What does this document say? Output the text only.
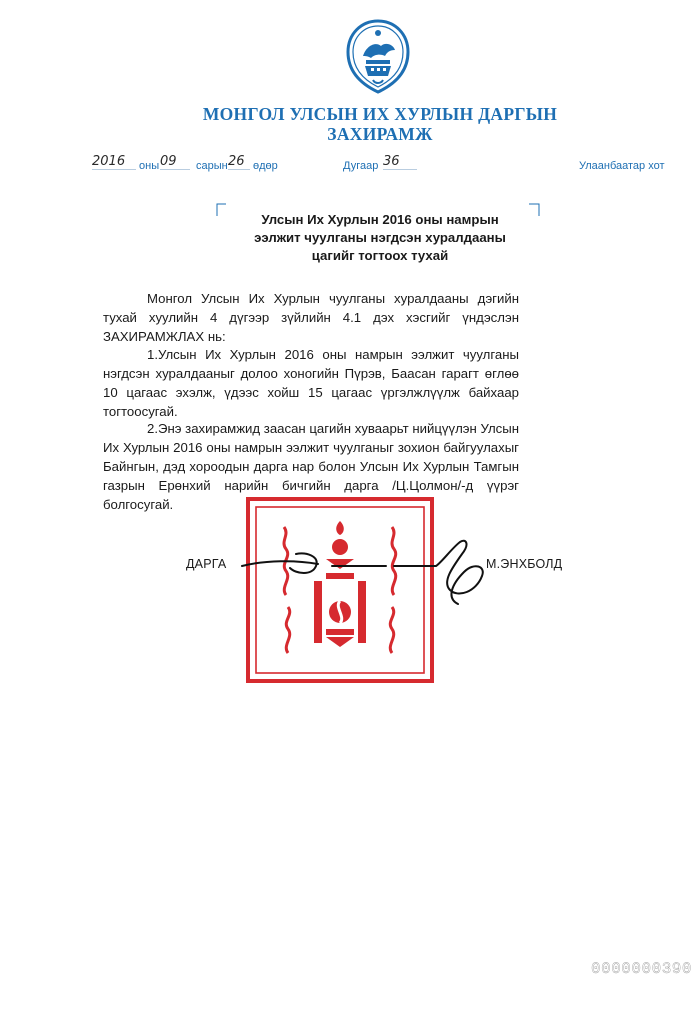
МОНГОЛ УЛСЫН ИХ ХУРЛЫН ДАРГЫН
ЗАХИРАМЖ
2016	оны 09	сарын 26 өдөр	Дугаар 36	Улаанбаатар хот
Улсын Их Хурлын 2016 оны намрын
ээлжит чуулганы нэгдсэн хуралдааны
цагийг тогтоох тухай

Монгол Улсын Их Хурлын чуулганы хуралдааны дэгийн тухай хуулийн 4 дүгээр зүйлийн 4.1 дэх хэсгийг үндэслэн ЗАХИРАМЖЛАХ нь:

1.Улсын Их Хурлын 2016 оны намрын ээлжит чуулганы нэгдсэн хуралдааныг долоо хоногийн Пүрэв, Баасан гарагт өглөө 10 цагаас эхэлж, үдээс хойш 15 цагаас үргэлжлүүлж байхаар тогтоосугай.

2.Энэ захирамжид заасан цагийн хуваарьт нийцүүлэн Улсын Их Хурлын 2016 оны намрын ээлжит чуулганыг зохион байгуулахыг Байнгын, дэд хороодын дарга нар болон Улсын Их Хурлын Тамгын газрын Ерөнхий нарийн бичгийн дарга /Ц.Цолмон/-д үүрэг болгосугай.

ДАРГА	М.ЭНХБОЛД
0000000390
